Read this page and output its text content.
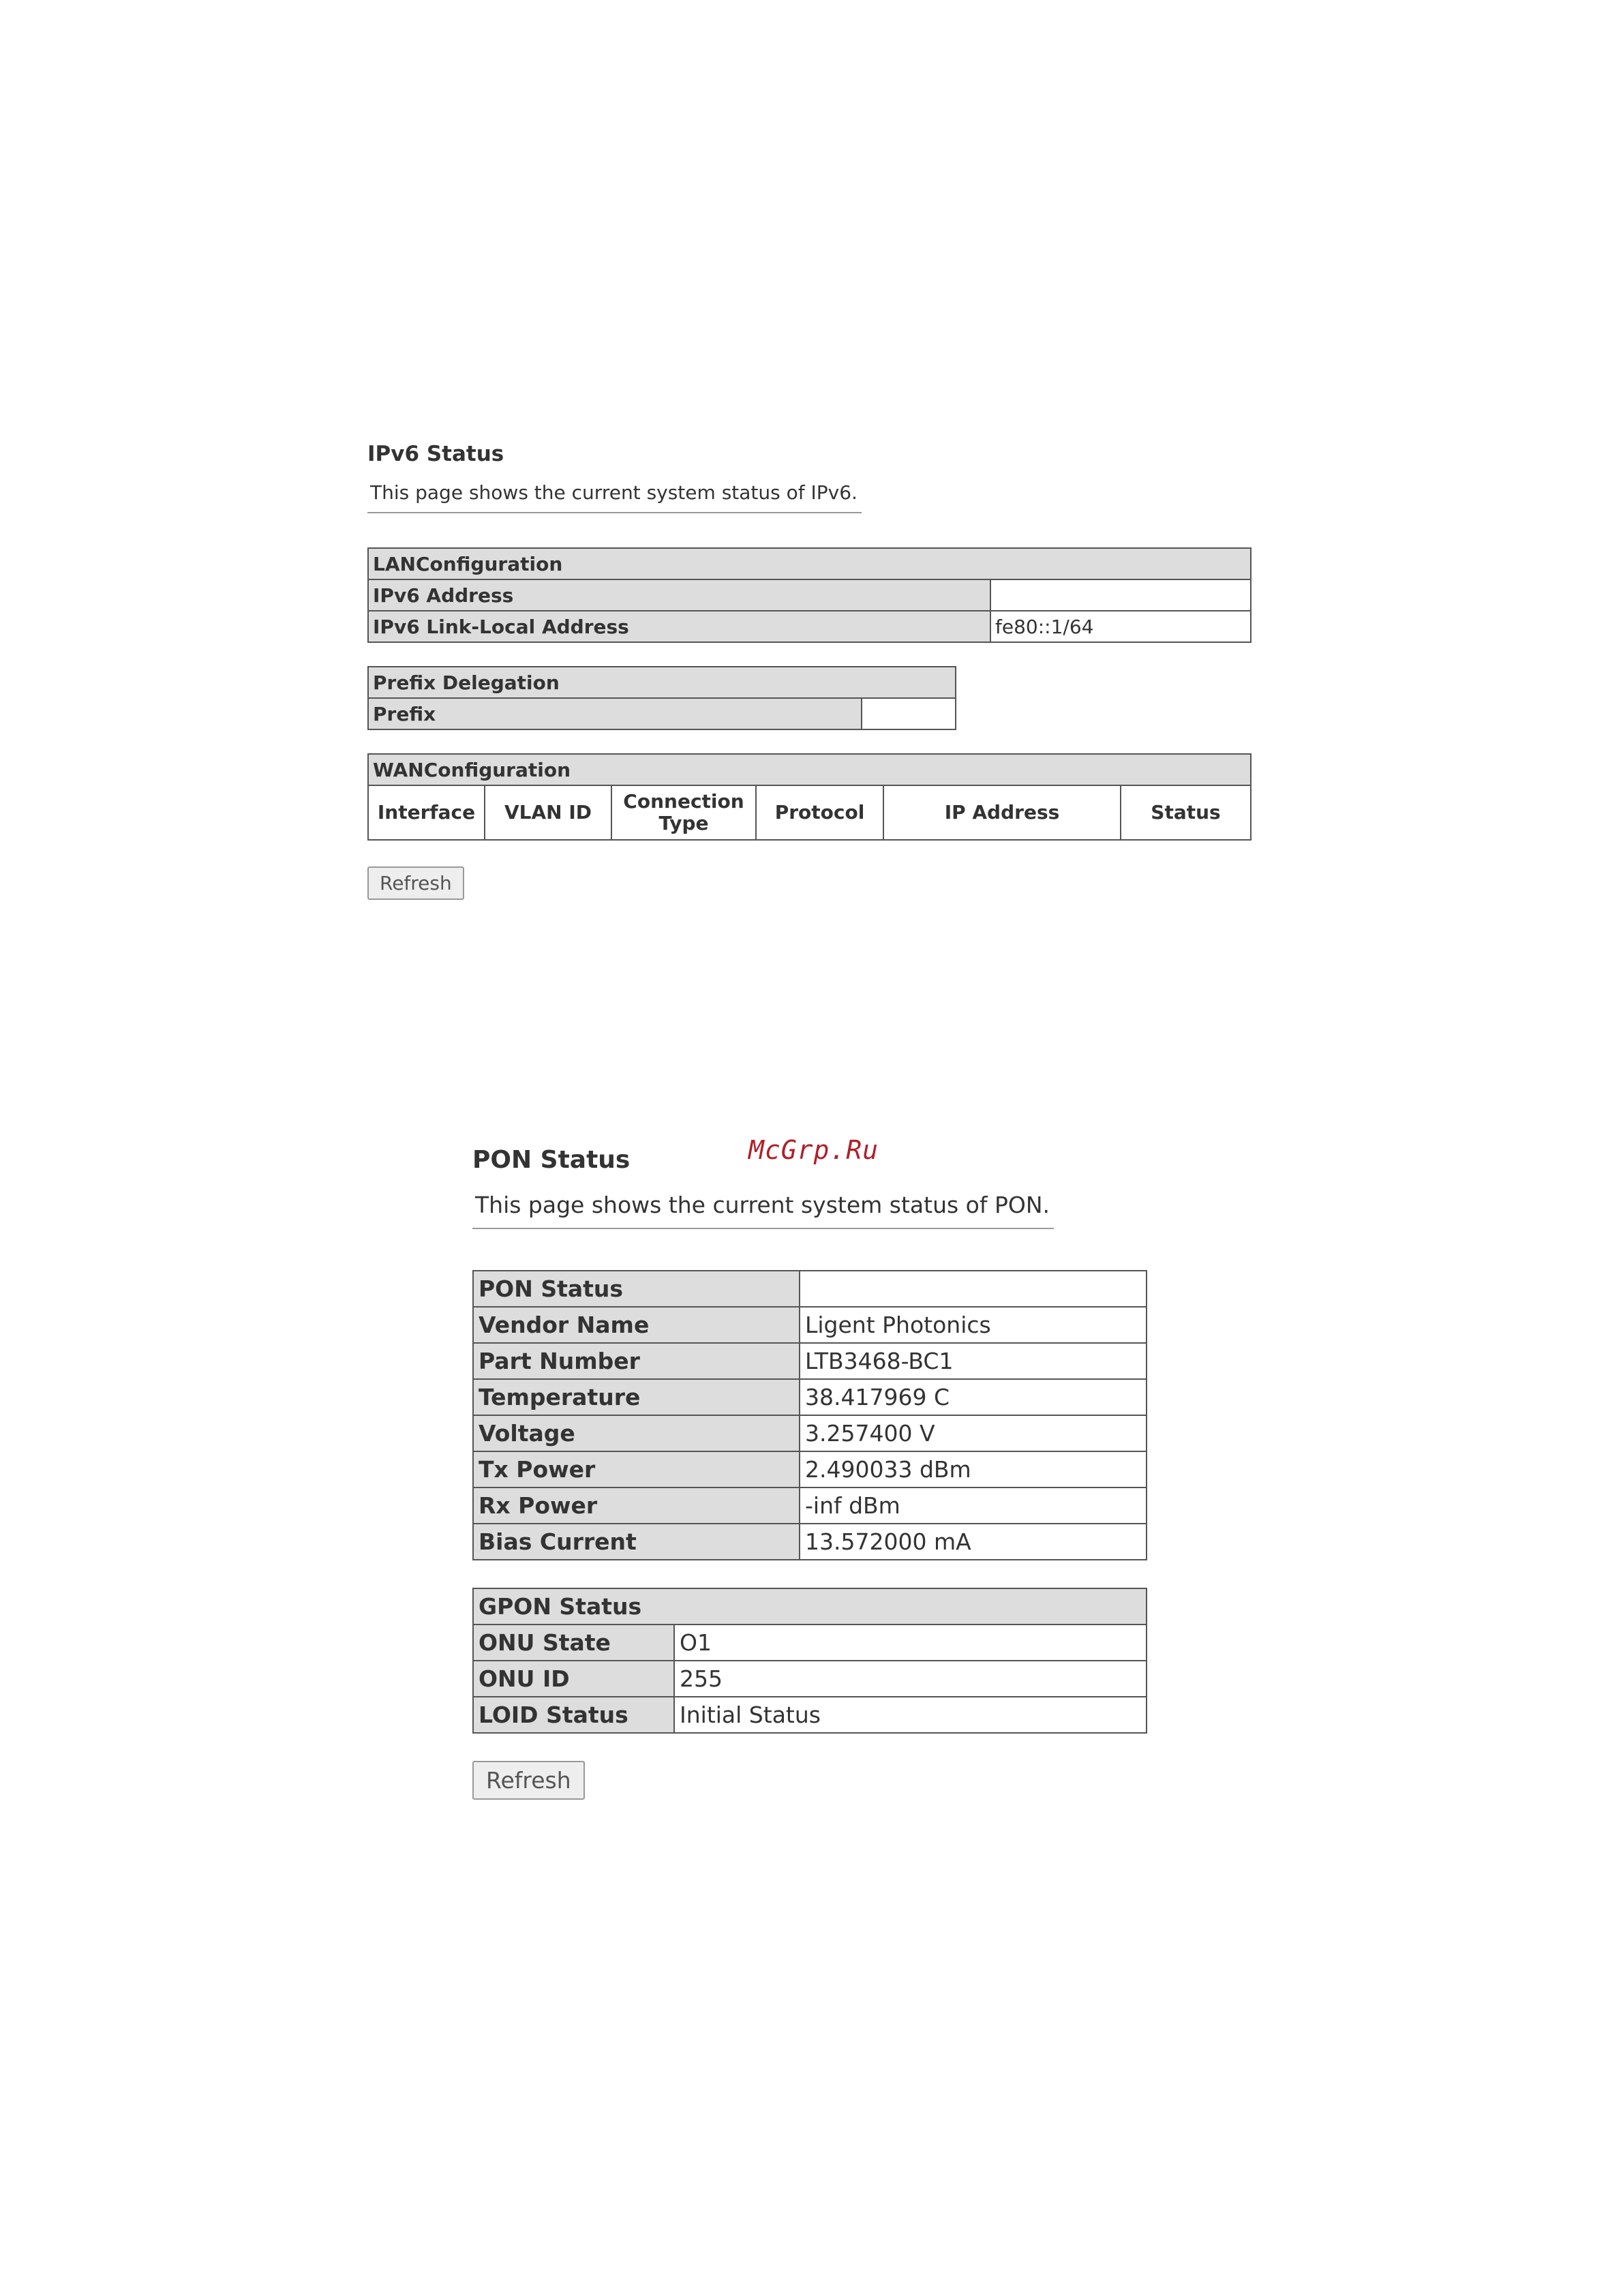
IPv6 Status
This page shows the current system status of IPv6.
LANConfiguration	
IPv6 Address	
IPv6 Link-Local Address	fe80::1/64
Prefix Delegation
Prefix	
WANConfiguration
Interface	VLAN ID	Connection Type	Protocol	IP Address	Status
Refresh
McGrp.Ru
PON Status
This page shows the current system status of PON.
PON Status	
Vendor Name	Ligent Photonics
Part Number	LTB3468-BC1
Temperature	38.417969 C
Voltage	3.257400 V
Tx Power	2.490033 dBm
Rx Power	-inf dBm
Bias Current	13.572000 mA
GPON Status	
ONU State	O1
ONU ID	255
LOID Status	Initial Status
Refresh
